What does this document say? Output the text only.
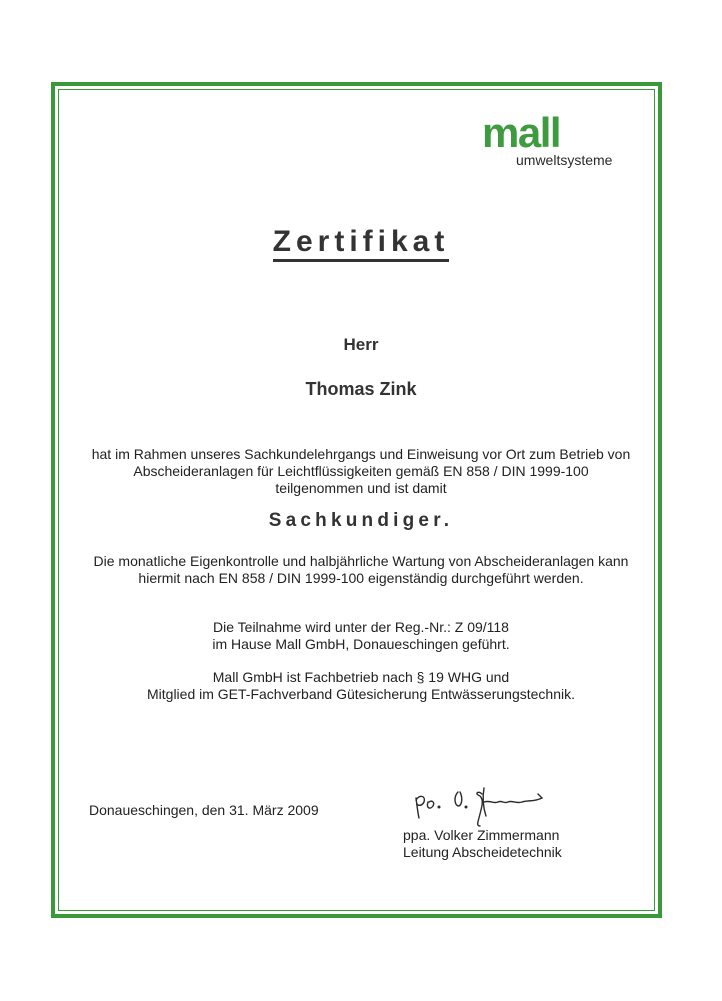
mall
umweltsysteme
Zertifikat

Herr

Thomas Zink

hat im Rahmen unseres Sachkundelehrgangs und Einweisung vor Ort zum Betrieb von
Abscheideranlagen für Leichtflüssigkeiten gemäß EN 858 / DIN 1999-100
teilgenommen und ist damit

Sachkundiger.

Die monatliche Eigenkontrolle und halbjährliche Wartung von Abscheideranlagen kann
hiermit nach EN 858 / DIN 1999-100 eigenständig durchgeführt werden.
Die Teilnahme wird unter der Reg.-Nr.: Z 09/118
im Hause Mall GmbH, Donaueschingen geführt.
Mall GmbH ist Fachbetrieb nach § 19 WHG und
Mitglied im GET-Fachverband Gütesicherung Entwässerungstechnik.
Donaueschingen, den 31. März 2009
ppa. Volker Zimmermann
Leitung Abscheidetechnik
